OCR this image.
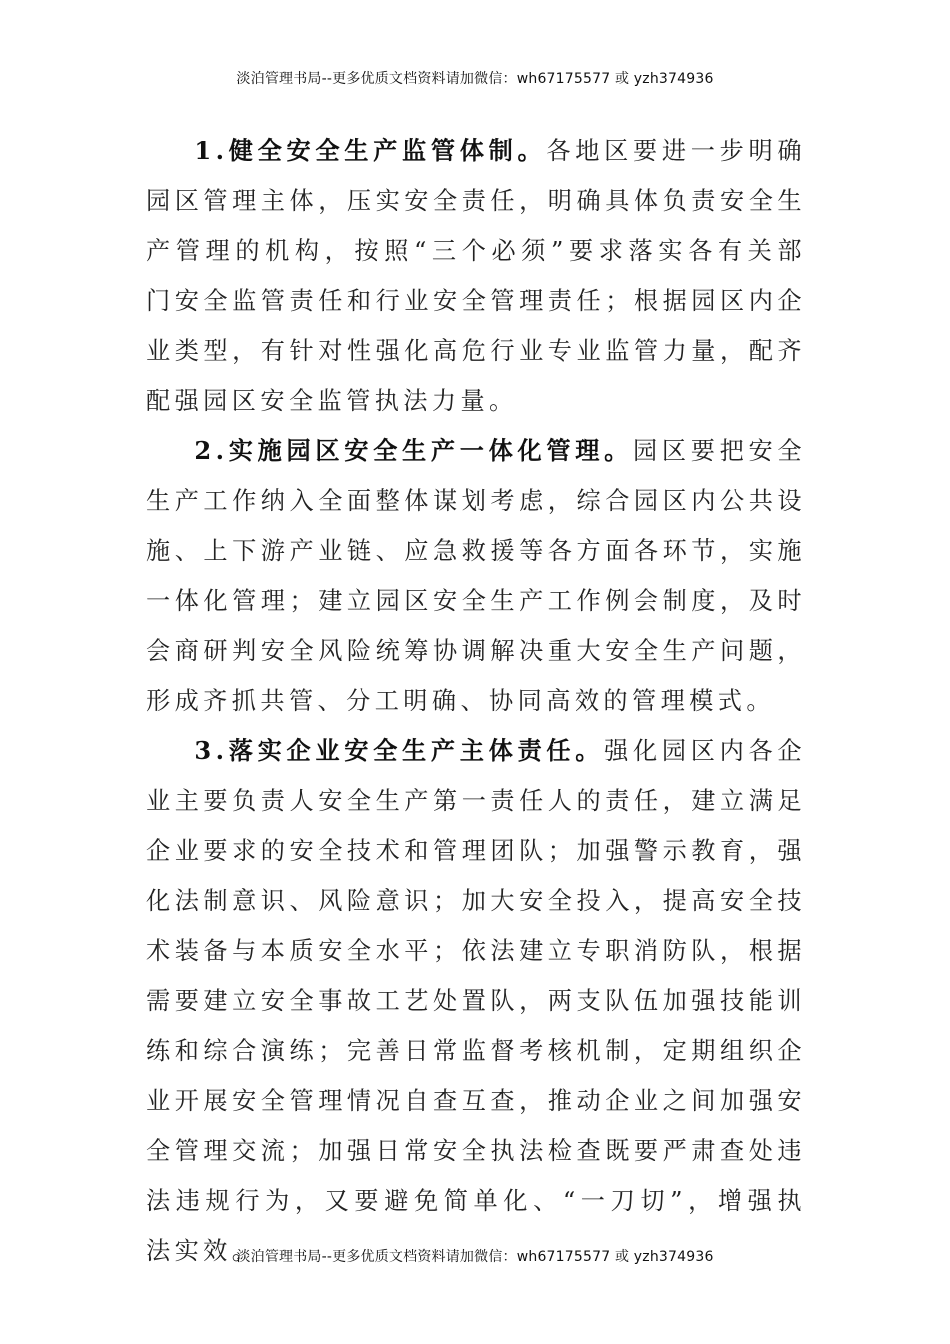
淡泊管理书局--更多优质文档资料请加微信：wh67175577 或 yzh374936

1.健全安全生产监管体制。各地区要进一步明确园区管理主体，压实安全责任，明确具体负责安全生产管理的机构，按照“三个必须”要求落实各有关部门安全监管责任和行业安全管理责任；根据园区内企业类型，有针对性强化高危行业专业监管力量，配齐配强园区安全监管执法力量。

2.实施园区安全生产一体化管理。园区要把安全生产工作纳入全面整体谋划考虑，综合园区内公共设施、上下游产业链、应急救援等各方面各环节，实施一体化管理；建立园区安全生产工作例会制度，及时会商研判安全风险统筹协调解决重大安全生产问题，形成齐抓共管、分工明确、协同高效的管理模式。

3.落实企业安全生产主体责任。强化园区内各企业主要负责人安全生产第一责任人的责任，建立满足企业要求的安全技术和管理团队；加强警示教育，强化法制意识、风险意识；加大安全投入，提高安全技术装备与本质安全水平；依法建立专职消防队，根据需要建立安全事故工艺处置队，两支队伍加强技能训练和综合演练；完善日常监督考核机制，定期组织企业开展安全管理情况自查互查，推动企业之间加强安全管理交流；加强日常安全执法检查既要严肃查处违法违规行为，又要避免简单化、“一刀切”，增强执法实效。

淡泊管理书局--更多优质文档资料请加微信：wh67175577 或 yzh374936
